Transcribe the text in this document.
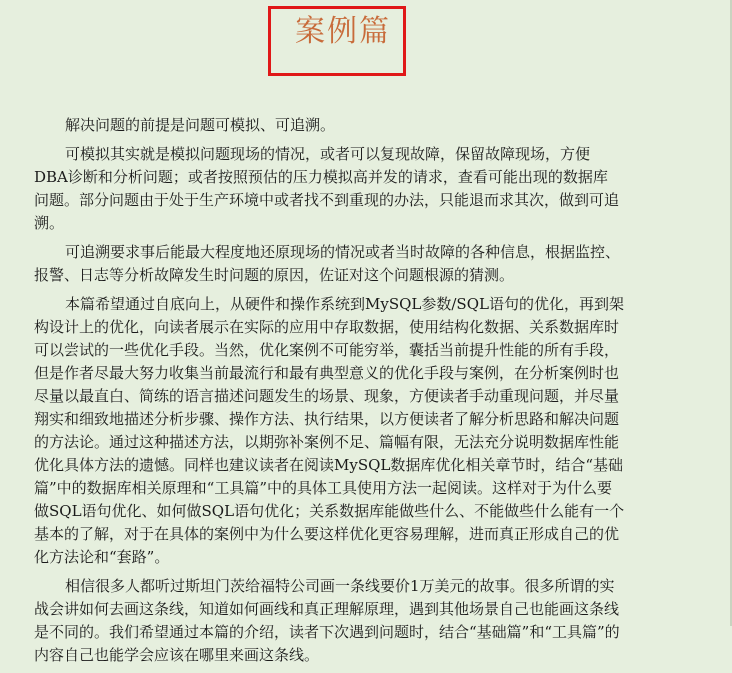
案例篇
解决问题的前提是问题可模拟、可追溯。
可模拟其实就是模拟问题现场的情况，或者可以复现故障，保留故障现场，方便
DBA诊断和分析问题；或者按照预估的压力模拟高并发的请求，查看可能出现的数据库
问题。部分问题由于处于生产环境中或者找不到重现的办法，只能退而求其次，做到可追
溯。
可追溯要求事后能最大程度地还原现场的情况或者当时故障的各种信息，根据监控、
报警、日志等分析故障发生时问题的原因，佐证对这个问题根源的猜测。
本篇希望通过自底向上，从硬件和操作系统到MySQL参数/SQL语句的优化，再到架
构设计上的优化，向读者展示在实际的应用中存取数据，使用结构化数据、关系数据库时
可以尝试的一些优化手段。当然，优化案例不可能穷举，囊括当前提升性能的所有手段，
但是作者尽最大努力收集当前最流行和最有典型意义的优化手段与案例，在分析案例时也
尽量以最直白、简练的语言描述问题发生的场景、现象，方便读者手动重现问题，并尽量
翔实和细致地描述分析步骤、操作方法、执行结果，以方便读者了解分析思路和解决问题
的方法论。通过这种描述方法，以期弥补案例不足、篇幅有限，无法充分说明数据库性能
优化具体方法的遗憾。同样也建议读者在阅读MySQL数据库优化相关章节时，结合“基础
篇”中的数据库相关原理和“工具篇”中的具体工具使用方法一起阅读。这样对于为什么要
做SQL语句优化、如何做SQL语句优化；关系数据库能做些什么、不能做些什么能有一个
基本的了解，对于在具体的案例中为什么要这样优化更容易理解，进而真正形成自己的优
化方法论和“套路”。
相信很多人都听过斯坦门茨给福特公司画一条线要价1万美元的故事。很多所谓的实
战会讲如何去画这条线，知道如何画线和真正理解原理，遇到其他场景自己也能画这条线
是不同的。我们希望通过本篇的介绍，读者下次遇到问题时，结合“基础篇”和“工具篇”的
内容自己也能学会应该在哪里来画这条线。
